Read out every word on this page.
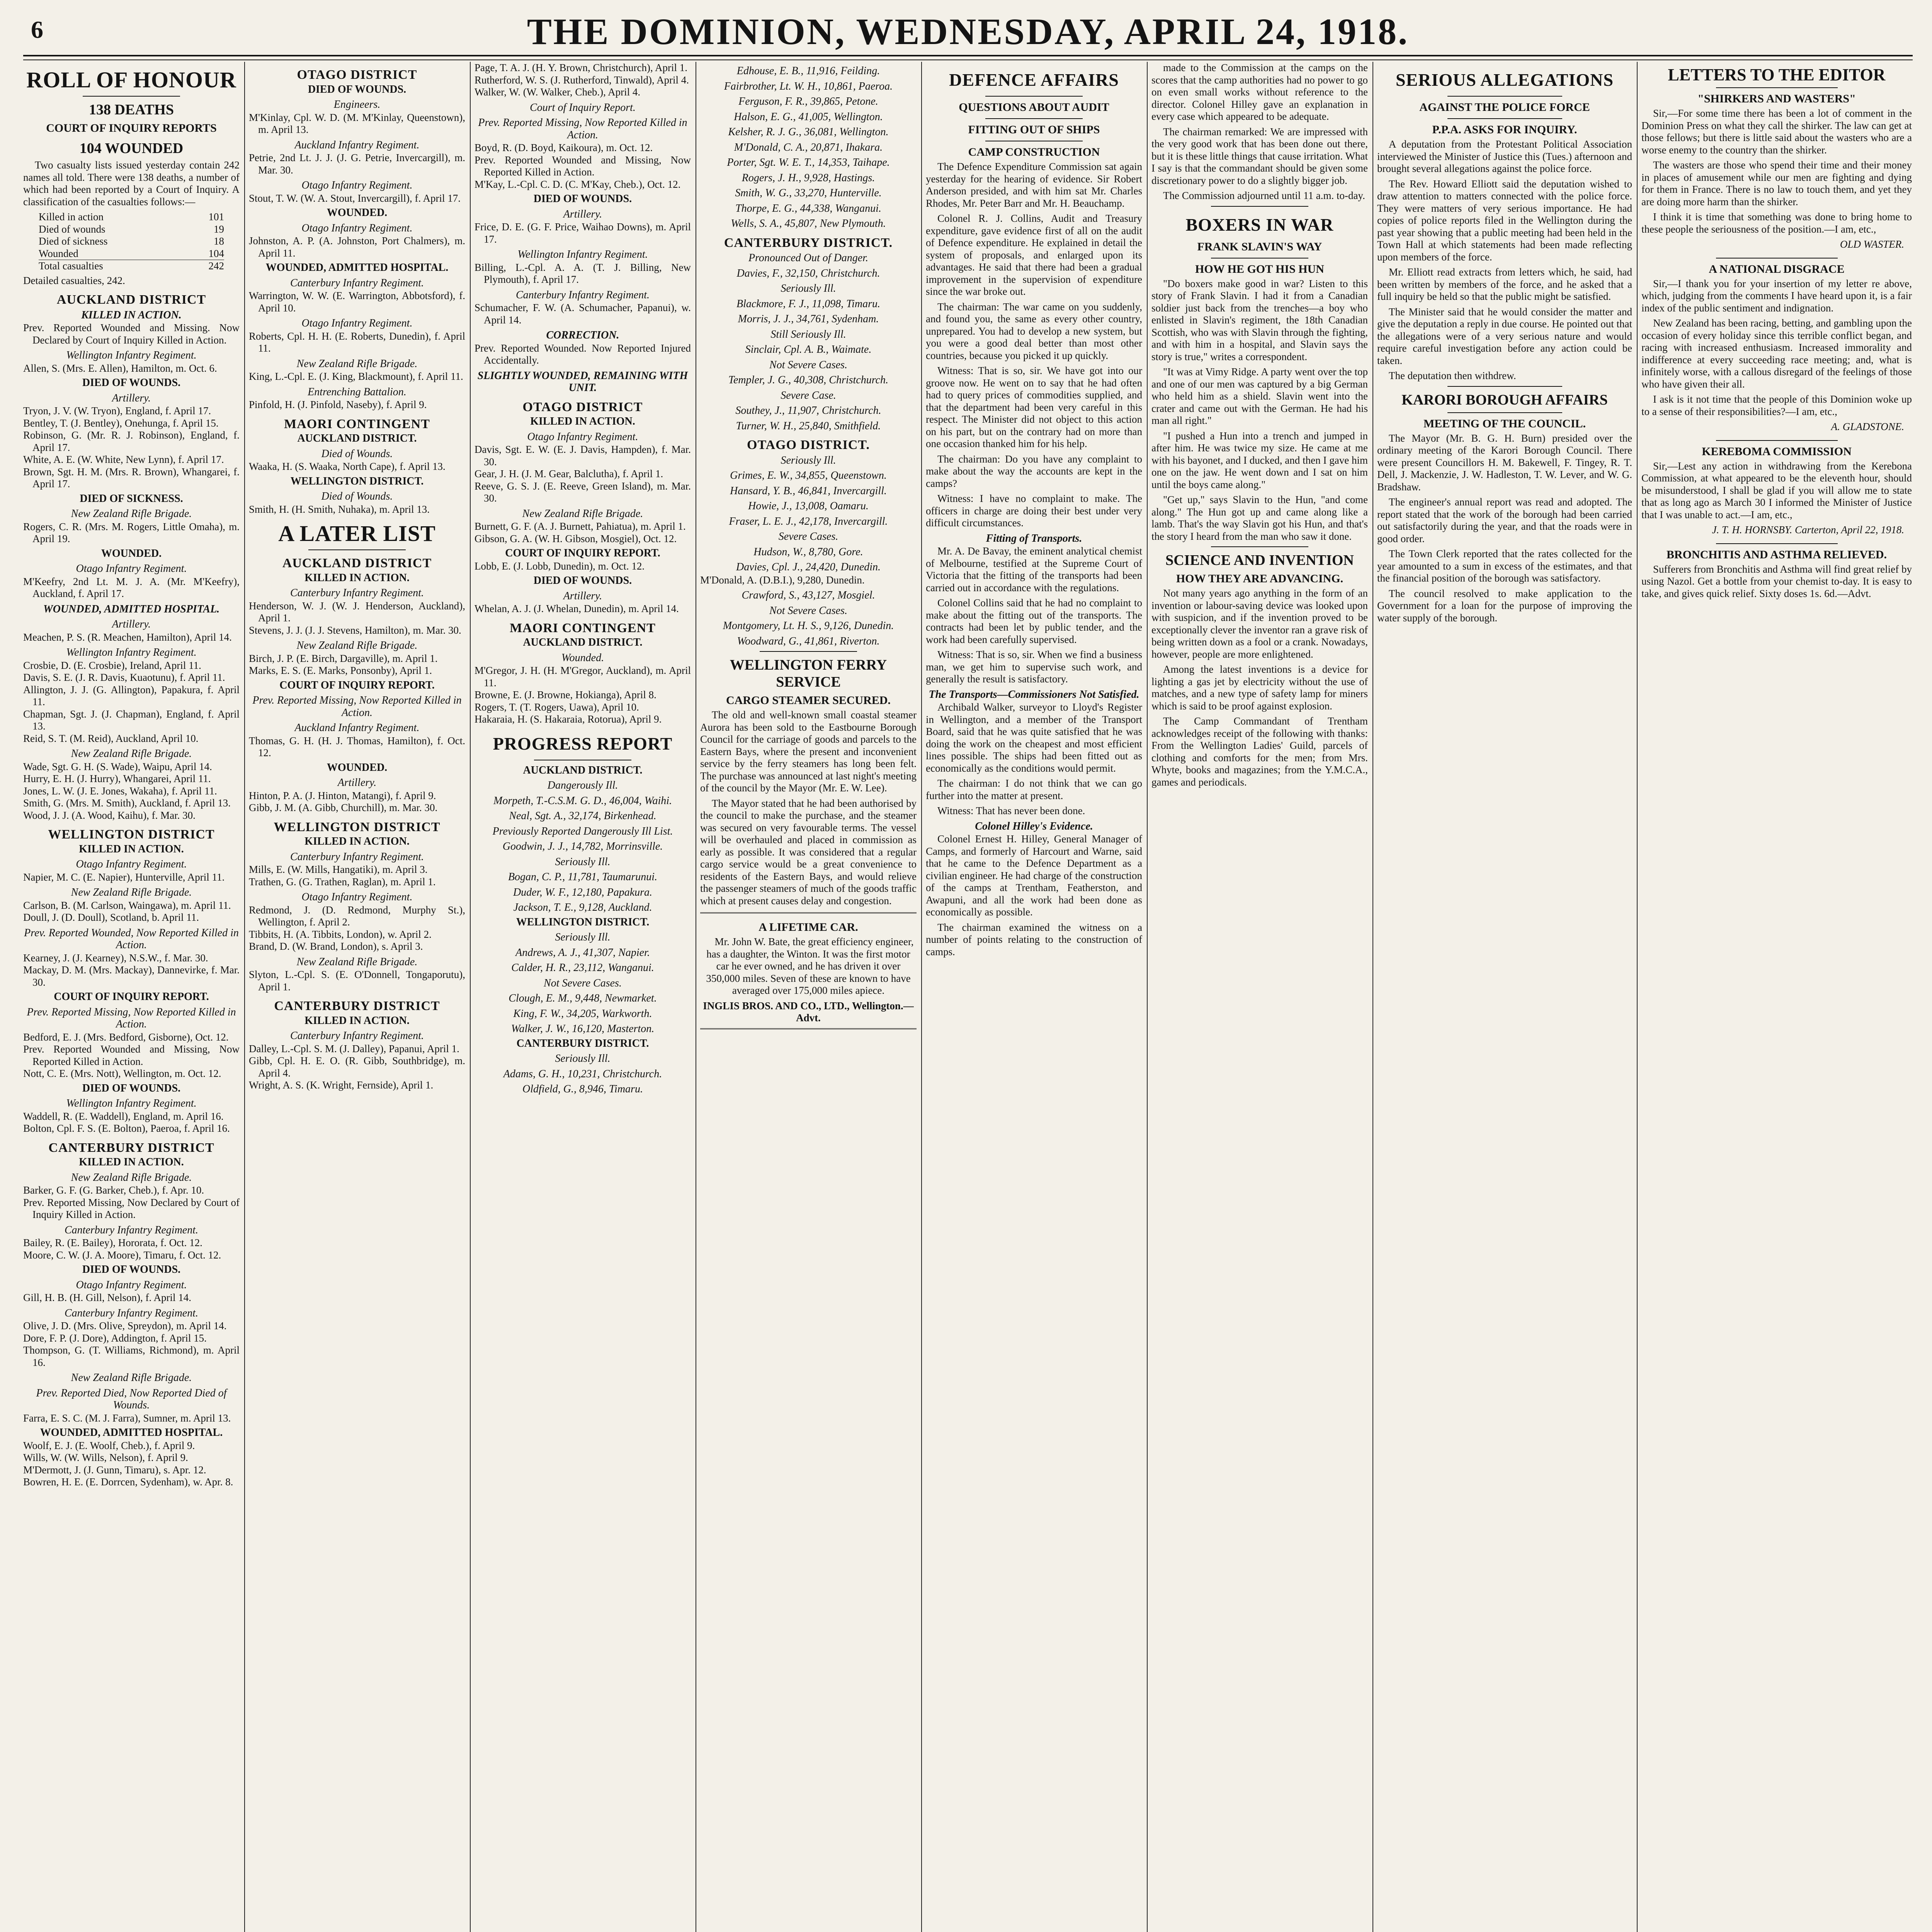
6	THE DOMINION, WEDNESDAY, APRIL 24, 1918.
ROLL OF HONOUR
138 DEATHS
COURT OF INQUIRY REPORTS
104 WOUNDED

Two casualty lists issued yesterday contain 242 names all told. There were 138 deaths, a number of which had been reported by a Court of Inquiry. A classification of the casualties follows:—

Killed in action	101
Died of wounds	19
Died of sickness	18
Wounded	104
Total casualties	242
Detailed casualties, 242.
AUCKLAND DISTRICT
KILLED IN ACTION.
Prev. Reported Wounded and Missing. Now Declared by Court of Inquiry Killed in Action.
Wellington Infantry Regiment.
Allen, S. (Mrs. E. Allen), Hamilton, m. Oct. 6.
DIED OF WOUNDS.
Artillery.
Tryon, J. V. (W. Tryon), England, f. April 17.
Bentley, T. (J. Bentley), Onehunga, f. April 15.
Robinson, G. (Mr. R. J. Robinson), England, f. April 17.
White, A. E. (W. White, New Lynn), f. April 17.
Brown, Sgt. H. M. (Mrs. R. Brown), Whangarei, f. April 17.
DIED OF SICKNESS.
New Zealand Rifle Brigade.
Rogers, C. R. (Mrs. M. Rogers, Little Omaha), m. April 19.
WOUNDED.
Otago Infantry Regiment.
M'Keefry, 2nd Lt. M. J. A. (Mr. M'Keefry), Auckland, f. April 17.
WOUNDED, ADMITTED HOSPITAL.
Artillery.
Meachen, P. S. (R. Meachen, Hamilton), April 14.
Wellington Infantry Regiment.
Crosbie, D. (E. Crosbie), Ireland, April 11.
Davis, S. E. (J. R. Davis, Kuaotunu), f. April 11.
Allington, J. J. (G. Allington), Papakura, f. April 11.
Chapman, Sgt. J. (J. Chapman), England, f. April 13.
Reid, S. T. (M. Reid), Auckland, April 10.
New Zealand Rifle Brigade.
Wade, Sgt. G. H. (S. Wade), Waipu, April 14.
Hurry, E. H. (J. Hurry), Whangarei, April 11.
Jones, L. W. (J. E. Jones, Wakaha), f. April 11.
Smith, G. (Mrs. M. Smith), Auckland, f. April 13.
Wood, J. J. (A. Wood, Kaihu), f. Mar. 30.
WELLINGTON DISTRICT
KILLED IN ACTION.
Otago Infantry Regiment.
Napier, M. C. (E. Napier), Hunterville, April 11.
New Zealand Rifle Brigade.
Carlson, B. (M. Carlson, Waingawa), m. April 11.
Doull, J. (D. Doull), Scotland, b. April 11.
Prev. Reported Wounded, Now Reported Killed in Action.
Kearney, J. (J. Kearney), N.S.W., f. Mar. 30.
Mackay, D. M. (Mrs. Mackay), Dannevirke, f. Mar. 30.
COURT OF INQUIRY REPORT.
Prev. Reported Missing, Now Reported Killed in Action.
Bedford, E. J. (Mrs. Bedford, Gisborne), Oct. 12.
Prev. Reported Wounded and Missing, Now Reported Killed in Action.
Nott, C. E. (Mrs. Nott), Wellington, m. Oct. 12.
DIED OF WOUNDS.
Wellington Infantry Regiment.
Waddell, R. (E. Waddell), England, m. April 16.
Bolton, Cpl. F. S. (E. Bolton), Paeroa, f. April 16.
CANTERBURY DISTRICT
KILLED IN ACTION.
New Zealand Rifle Brigade.
Barker, G. F. (G. Barker, Cheb.), f. Apr. 10.
Prev. Reported Missing, Now Declared by Court of Inquiry Killed in Action.
Canterbury Infantry Regiment.
Bailey, R. (E. Bailey), Hororata, f. Oct. 12.
Moore, C. W. (J. A. Moore), Timaru, f. Oct. 12.
DIED OF WOUNDS.
Otago Infantry Regiment.
Gill, H. B. (H. Gill, Nelson), f. April 14.
Canterbury Infantry Regiment.
Olive, J. D. (Mrs. Olive, Spreydon), m. April 14.
Dore, F. P. (J. Dore), Addington, f. April 15.
Thompson, G. (T. Williams, Richmond), m. April 16.
New Zealand Rifle Brigade.
Prev. Reported Died, Now Reported Died of Wounds.
Farra, E. S. C. (M. J. Farra), Sumner, m. April 13.
WOUNDED, ADMITTED HOSPITAL.
Woolf, E. J. (E. Woolf, Cheb.), f. April 9.
Wills, W. (W. Wills, Nelson), f. April 9.
M'Dermott, J. (J. Gunn, Timaru), s. Apr. 12.
Bowren, H. E. (E. Dorrcen, Sydenham), w. Apr. 8.
OTAGO DISTRICT
DIED OF WOUNDS.
Engineers.
M'Kinlay, Cpl. W. D. (M. M'Kinlay, Queenstown), m. April 13.
Auckland Infantry Regiment.
Petrie, 2nd Lt. J. J. (J. G. Petrie, Invercargill), m. Mar. 30.
Otago Infantry Regiment.
Stout, T. W. (W. A. Stout, Invercargill), f. April 17.
WOUNDED.
Otago Infantry Regiment.
Johnston, A. P. (A. Johnston, Port Chalmers), m. April 11.
WOUNDED, ADMITTED HOSPITAL.
Canterbury Infantry Regiment.
Warrington, W. W. (E. Warrington, Abbotsford), f. April 10.
Otago Infantry Regiment.
Roberts, Cpl. H. H. (E. Roberts, Dunedin), f. April 11.
New Zealand Rifle Brigade.
King, L.-Cpl. E. (J. King, Blackmount), f. April 11.
Entrenching Battalion.
Pinfold, H. (J. Pinfold, Naseby), f. April 9.
MAORI CONTINGENT
AUCKLAND DISTRICT.
Died of Wounds.
Waaka, H. (S. Waaka, North Cape), f. April 13.
WELLINGTON DISTRICT.
Died of Wounds.
Smith, H. (H. Smith, Nuhaka), m. April 13.
A LATER LIST
AUCKLAND DISTRICT
KILLED IN ACTION.
Canterbury Infantry Regiment.
Henderson, W. J. (W. J. Henderson, Auckland), April 1.
Stevens, J. J. (J. J. Stevens, Hamilton), m. Mar. 30.
New Zealand Rifle Brigade.
Birch, J. P. (E. Birch, Dargaville), m. April 1.
Marks, E. S. (E. Marks, Ponsonby), April 1.
COURT OF INQUIRY REPORT.
Prev. Reported Missing, Now Reported Killed in Action.
Auckland Infantry Regiment.
Thomas, G. H. (H. J. Thomas, Hamilton), f. Oct. 12.
WOUNDED.
Artillery.
Hinton, P. A. (J. Hinton, Matangi), f. April 9.
Gibb, J. M. (A. Gibb, Churchill), m. Mar. 30.
WELLINGTON DISTRICT
KILLED IN ACTION.
Canterbury Infantry Regiment.
Mills, E. (W. Mills, Hangatiki), m. April 3.
Trathen, G. (G. Trathen, Raglan), m. April 1.
Otago Infantry Regiment.
Redmond, J. (D. Redmond, Murphy St.), Wellington, f. April 2.
Tibbits, H. (A. Tibbits, London), w. April 2.
Brand, D. (W. Brand, London), s. April 3.
New Zealand Rifle Brigade.
Slyton, L.-Cpl. S. (E. O'Donnell, Tongaporutu), April 1.
CANTERBURY DISTRICT
KILLED IN ACTION.
Canterbury Infantry Regiment.
Dalley, L.-Cpl. S. M. (J. Dalley), Papanui, April 1.
Gibb, Cpl. H. E. O. (R. Gibb, Southbridge), m. April 4.
Wright, A. S. (K. Wright, Fernside), April 1.
Page, T. A. J. (H. Y. Brown, Christchurch), April 1.
Rutherford, W. S. (J. Rutherford, Tinwald), April 4.
Walker, W. (W. Walker, Cheb.), April 4.
Court of Inquiry Report.
Prev. Reported Missing, Now Reported Killed in Action.
Boyd, R. (D. Boyd, Kaikoura), m. Oct. 12.
Prev. Reported Wounded and Missing, Now Reported Killed in Action.
M'Kay, L.-Cpl. C. D. (C. M'Kay, Cheb.), Oct. 12.
DIED OF WOUNDS.
Artillery.
Frice, D. E. (G. F. Price, Waihao Downs), m. April 17.
Wellington Infantry Regiment.
Billing, L.-Cpl. A. A. (T. J. Billing, New Plymouth), f. April 17.
Canterbury Infantry Regiment.
Schumacher, F. W. (A. Schumacher, Papanui), w. April 14.
CORRECTION.
Prev. Reported Wounded. Now Reported Injured Accidentally.
SLIGHTLY WOUNDED, REMAINING WITH UNIT.
OTAGO DISTRICT
KILLED IN ACTION.
Otago Infantry Regiment.
Davis, Sgt. E. W. (E. J. Davis, Hampden), f. Mar. 30.
Gear, J. H. (J. M. Gear, Balclutha), f. April 1.
Reeve, G. S. J. (E. Reeve, Green Island), m. Mar. 30.
New Zealand Rifle Brigade.
Burnett, G. F. (A. J. Burnett, Pahiatua), m. April 1.
Gibson, G. A. (W. H. Gibson, Mosgiel), Oct. 12.
COURT OF INQUIRY REPORT.
Lobb, E. (J. Lobb, Dunedin), m. Oct. 12.
DIED OF WOUNDS.
Artillery.
Whelan, A. J. (J. Whelan, Dunedin), m. April 14.
MAORI CONTINGENT
AUCKLAND DISTRICT.
Wounded.
M'Gregor, J. H. (H. M'Gregor, Auckland), m. April 11.
Browne, E. (J. Browne, Hokianga), April 8.
Rogers, T. (T. Rogers, Uawa), April 10.
Hakaraia, H. (S. Hakaraia, Rotorua), April 9.
PROGRESS REPORT
AUCKLAND DISTRICT.
Dangerously Ill.
Morpeth, T.-C.S.M. G. D., 46,004, Waihi.
Neal, Sgt. A., 32,174, Birkenhead.
Previously Reported Dangerously Ill List.
Goodwin, J. J., 14,782, Morrinsville.
Seriously Ill.
Bogan, C. P., 11,781, Taumarunui.
Duder, W. F., 12,180, Papakura.
Jackson, T. E., 9,128, Auckland.
WELLINGTON DISTRICT.
Seriously Ill.
Andrews, A. J., 41,307, Napier.
Calder, H. R., 23,112, Wanganui.
Not Severe Cases.
Clough, E. M., 9,448, Newmarket.
King, F. W., 34,205, Warkworth.
Walker, J. W., 16,120, Masterton.
CANTERBURY DISTRICT.
Seriously Ill.
Adams, G. H., 10,231, Christchurch.
Oldfield, G., 8,946, Timaru.
Edhouse, E. B., 11,916, Feilding.
Fairbrother, Lt. W. H., 10,861, Paeroa.
Ferguson, F. R., 39,865, Petone.
Halson, E. G., 41,005, Wellington.
Kelsher, R. J. G., 36,081, Wellington.
M'Donald, C. A., 20,871, Ihakara.
Porter, Sgt. W. E. T., 14,353, Taihape.
Rogers, J. H., 9,928, Hastings.
Smith, W. G., 33,270, Hunterville.
Thorpe, E. G., 44,338, Wanganui.
Wells, S. A., 45,807, New Plymouth.
CANTERBURY DISTRICT.
Pronounced Out of Danger.
Davies, F., 32,150, Christchurch.
Seriously Ill.
Blackmore, F. J., 11,098, Timaru.
Morris, J. J., 34,761, Sydenham.
Still Seriously Ill.
Sinclair, Cpl. A. B., Waimate.
Not Severe Cases.
Templer, J. G., 40,308, Christchurch.
Severe Case.
Southey, J., 11,907, Christchurch.
Turner, W. H., 25,840, Smithfield.
OTAGO DISTRICT.
Seriously Ill.
Grimes, E. W., 34,855, Queenstown.
Hansard, Y. B., 46,841, Invercargill.
Howie, J., 13,008, Oamaru.
Fraser, L. E. J., 42,178, Invercargill.
Severe Cases.
Hudson, W., 8,780, Gore.
Davies, Cpl. J., 24,420, Dunedin.
M'Donald, A. (D.B.I.), 9,280, Dunedin.
Crawford, S., 43,127, Mosgiel.
Not Severe Cases.
Montgomery, Lt. H. S., 9,126, Dunedin.
Woodward, G., 41,861, Riverton.
WELLINGTON FERRY SERVICE
CARGO STEAMER SECURED.

The old and well-known small coastal steamer Aurora has been sold to the Eastbourne Borough Council for the carriage of goods and parcels to the Eastern Bays, where the present and inconvenient service by the ferry steamers has long been felt. The purchase was announced at last night's meeting of the council by the Mayor (Mr. E. W. Lee).

The Mayor stated that he had been authorised by the council to make the purchase, and the steamer was secured on very favourable terms. The vessel will be overhauled and placed in commission as early as possible. It was considered that a regular cargo service would be a great convenience to residents of the Eastern Bays, and would relieve the passenger steamers of much of the goods traffic which at present causes delay and congestion.

A LIFETIME CAR.

Mr. John W. Bate, the great efficiency engineer, has a daughter, the Winton. It was the first motor car he ever owned, and he has driven it over 350,000 miles. Seven of these are known to have averaged over 175,000 miles apiece.

INGLIS BROS. AND CO., LTD., Wellington.—Advt.
DEFENCE AFFAIRS
QUESTIONS ABOUT AUDIT
FITTING OUT OF SHIPS
CAMP CONSTRUCTION

The Defence Expenditure Commission sat again yesterday for the hearing of evidence. Sir Robert Anderson presided, and with him sat Mr. Charles Rhodes, Mr. Peter Barr and Mr. H. Beauchamp.

Colonel R. J. Collins, Audit and Treasury expenditure, gave evidence first of all on the audit of Defence expenditure. He explained in detail the system of proposals, and enlarged upon its advantages. He said that there had been a gradual improvement in the supervision of expenditure since the war broke out.

The chairman: The war came on you suddenly, and found you, the same as every other country, unprepared. You had to develop a new system, but you were a good deal better than most other countries, because you picked it up quickly.

Witness: That is so, sir. We have got into our groove now. He went on to say that he had often had to query prices of commodities supplied, and that the department had been very careful in this respect. The Minister did not object to this action on his part, but on the contrary had on more than one occasion thanked him for his help.

The chairman: Do you have any complaint to make about the way the accounts are kept in the camps?

Witness: I have no complaint to make. The officers in charge are doing their best under very difficult circumstances.

Fitting of Transports.

Mr. A. De Bavay, the eminent analytical chemist of Melbourne, testified at the Supreme Court of Victoria that the fitting of the transports had been carried out in accordance with the regulations.

Colonel Collins said that he had no complaint to make about the fitting out of the transports. The contracts had been let by public tender, and the work had been carefully supervised.

Witness: That is so, sir. When we find a business man, we get him to supervise such work, and generally the result is satisfactory.

The Transports—Commissioners Not Satisfied.

Archibald Walker, surveyor to Lloyd's Register in Wellington, and a member of the Transport Board, said that he was quite satisfied that he was doing the work on the cheapest and most efficient lines possible. The ships had been fitted out as economically as the conditions would permit.

The chairman: I do not think that we can go further into the matter at present.

Witness: That has never been done.

Colonel Hilley's Evidence.

Colonel Ernest H. Hilley, General Manager of Camps, and formerly of Harcourt and Warne, said that he came to the Defence Department as a civilian engineer. He had charge of the construction of the camps at Trentham, Featherston, and Awapuni, and all the work had been done as economically as possible.

The chairman examined the witness on a number of points relating to the construction of camps.

made to the Commission at the camps on the scores that the camp authorities had no power to go on even small works without reference to the director. Colonel Hilley gave an explanation in every case which appeared to be adequate.

The chairman remarked: We are impressed with the very good work that has been done out there, but it is these little things that cause irritation. What I say is that the commandant should be given some discretionary power to do a slightly bigger job.

The Commission adjourned until 11 a.m. to-day.

BOXERS IN WAR
FRANK SLAVIN'S WAY
HOW HE GOT HIS HUN

"Do boxers make good in war? Listen to this story of Frank Slavin. I had it from a Canadian soldier just back from the trenches—a boy who enlisted in Slavin's regiment, the 18th Canadian Scottish, who was with Slavin through the fighting, and with him in a hospital, and Slavin says the story is true," writes a correspondent.

"It was at Vimy Ridge. A party went over the top and one of our men was captured by a big German who held him as a shield. Slavin went into the crater and came out with the German. He had his man all right."

"I pushed a Hun into a trench and jumped in after him. He was twice my size. He came at me with his bayonet, and I ducked, and then I gave him one on the jaw. He went down and I sat on him until the boys came along."

"Get up," says Slavin to the Hun, "and come along." The Hun got up and came along like a lamb. That's the way Slavin got his Hun, and that's the story I heard from the man who saw it done.

SCIENCE AND INVENTION
HOW THEY ARE ADVANCING.

Not many years ago anything in the form of an invention or labour-saving device was looked upon with suspicion, and if the invention proved to be exceptionally clever the inventor ran a grave risk of being written down as a fool or a crank. Nowadays, however, people are more enlightened.

Among the latest inventions is a device for lighting a gas jet by electricity without the use of matches, and a new type of safety lamp for miners which is said to be proof against explosion.

The Camp Commandant of Trentham acknowledges receipt of the following with thanks: From the Wellington Ladies' Guild, parcels of clothing and comforts for the men; from Mrs. Whyte, books and magazines; from the Y.M.C.A., games and periodicals.

SERIOUS ALLEGATIONS
AGAINST THE POLICE FORCE
P.P.A. ASKS FOR INQUIRY.

A deputation from the Protestant Political Association interviewed the Minister of Justice this (Tues.) afternoon and brought several allegations against the police force.

The Rev. Howard Elliott said the deputation wished to draw attention to matters connected with the police force. They were matters of very serious importance. He had copies of police reports filed in the Wellington during the past year showing that a public meeting had been held in the Town Hall at which statements had been made reflecting upon members of the force.

Mr. Elliott read extracts from letters which, he said, had been written by members of the force, and he asked that a full inquiry be held so that the public might be satisfied.

The Minister said that he would consider the matter and give the deputation a reply in due course. He pointed out that the allegations were of a very serious nature and would require careful investigation before any action could be taken.

The deputation then withdrew.

KARORI BOROUGH AFFAIRS
MEETING OF THE COUNCIL.

The Mayor (Mr. B. G. H. Burn) presided over the ordinary meeting of the Karori Borough Council. There were present Councillors H. M. Bakewell, F. Tingey, R. T. Dell, J. Mackenzie, J. W. Hadleston, T. W. Lever, and W. G. Bradshaw.

The engineer's annual report was read and adopted. The report stated that the work of the borough had been carried out satisfactorily during the year, and that the roads were in good order.

The Town Clerk reported that the rates collected for the year amounted to a sum in excess of the estimates, and that the financial position of the borough was satisfactory.

The council resolved to make application to the Government for a loan for the purpose of improving the water supply of the borough.

LETTERS TO THE EDITOR
"SHIRKERS AND WASTERS"

Sir,—For some time there has been a lot of comment in the Dominion Press on what they call the shirker. The law can get at those fellows; but there is little said about the wasters who are a worse enemy to the country than the shirker.

The wasters are those who spend their time and their money in places of amusement while our men are fighting and dying for them in France. There is no law to touch them, and yet they are doing more harm than the shirker.

I think it is time that something was done to bring home to these people the seriousness of the position.—I am, etc.,

OLD WASTER.
A NATIONAL DISGRACE

Sir,—I thank you for your insertion of my letter re above, which, judging from the comments I have heard upon it, is a fair index of the public sentiment and indignation.

New Zealand has been racing, betting, and gambling upon the occasion of every holiday since this terrible conflict began, and racing with increased enthusiasm. Increased immorality and indifference at every succeeding race meeting; and, what is infinitely worse, with a callous disregard of the feelings of those who have given their all.

I ask is it not time that the people of this Dominion woke up to a sense of their responsibilities?—I am, etc.,

A. GLADSTONE.
KEREBOMA COMMISSION

Sir,—Lest any action in withdrawing from the Kerebona Commission, at what appeared to be the eleventh hour, should be misunderstood, I shall be glad if you will allow me to state that as long ago as March 30 I informed the Minister of Justice that I was unable to act.—I am, etc.,

J. T. H. HORNSBY. Carterton, April 22, 1918.
BRONCHITIS AND ASTHMA RELIEVED.

Sufferers from Bronchitis and Asthma will find great relief by using Nazol. Get a bottle from your chemist to-day. It is easy to take, and gives quick relief. Sixty doses 1s. 6d.—Advt.
